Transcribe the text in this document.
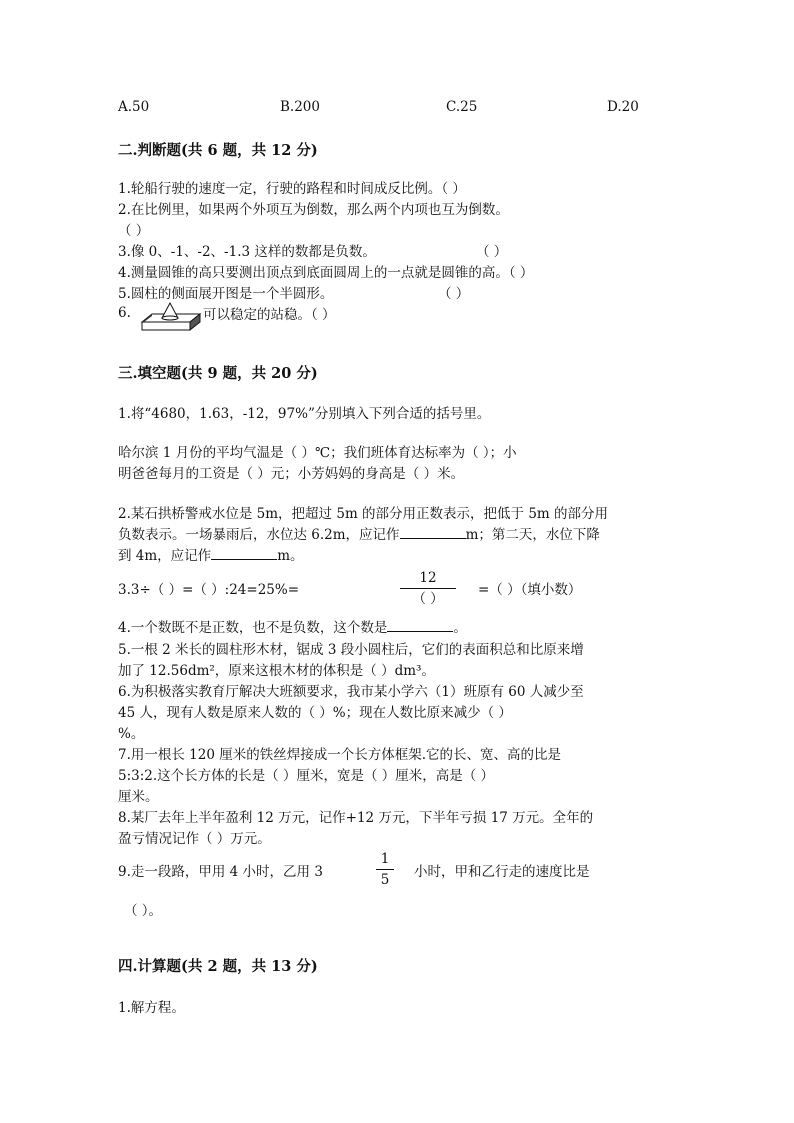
A.50	B.200	C.25	D.20
二.判断题(共 6 题，共 12 分)
1.轮船行驶的速度一定，行驶的路程和时间成反比例。（ ）
2.在比例里，如果两个外项互为倒数，那么两个内项也互为倒数。
（ ）
3.像 0、-1、-2、-1.3 这样的数都是负数。	（ ）
4.测量圆锥的高只要测出顶点到底面圆周上的一点就是圆锥的高。（ ）
5.圆柱的侧面展开图是一个半圆形。	（ ）
6.	可以稳定的站稳。（ ）
三.填空题(共 9 题，共 20 分)
1.将“4680，1.63，-12，97%”分别填入下列合适的括号里。
哈尔滨 1 月份的平均气温是（ ）℃；我们班体育达标率为（ ）；小
明爸爸每月的工资是（ ）元；小芳妈妈的身高是（ ）米。
2.某石拱桥警戒水位是 5m，把超过 5m 的部分用正数表示，把低于 5m 的部分用
负数表示。一场暴雨后，水位达 6.2m，应记作	m；第二天，水位下降
到 4m，应记作	m。
3.3÷（ ）=（ ）:24=25%=
12
（ ）
=（ ）（填小数）
4.一个数既不是正数，也不是负数，这个数是	。
5.一根 2 米长的圆柱形木材，锯成 3 段小圆柱后，它们的表面积总和比原来增
加了 12.56dm²，原来这根木材的体积是（ ）dm³。
6.为积极落实教育厅解决大班额要求，我市某小学六（1）班原有 60 人减少至
45 人，现有人数是原来人数的（ ）%；现在人数比原来减少（ ）
%。
7.用一根长 120 厘米的铁丝焊接成一个长方体框架.它的长、宽、高的比是
5:3:2.这个长方体的长是（ ）厘米，宽是（ ）厘米，高是（ ）
厘米。
8.某厂去年上半年盈利 12 万元，记作+12 万元，下半年亏损 17 万元。全年的
盈亏情况记作（ ）万元。
9.走一段路，甲用 4 小时，乙用 3
1
5	小时，甲和乙行走的速度比是
（ ）。
四.计算题(共 2 题，共 13 分)
1.解方程。
